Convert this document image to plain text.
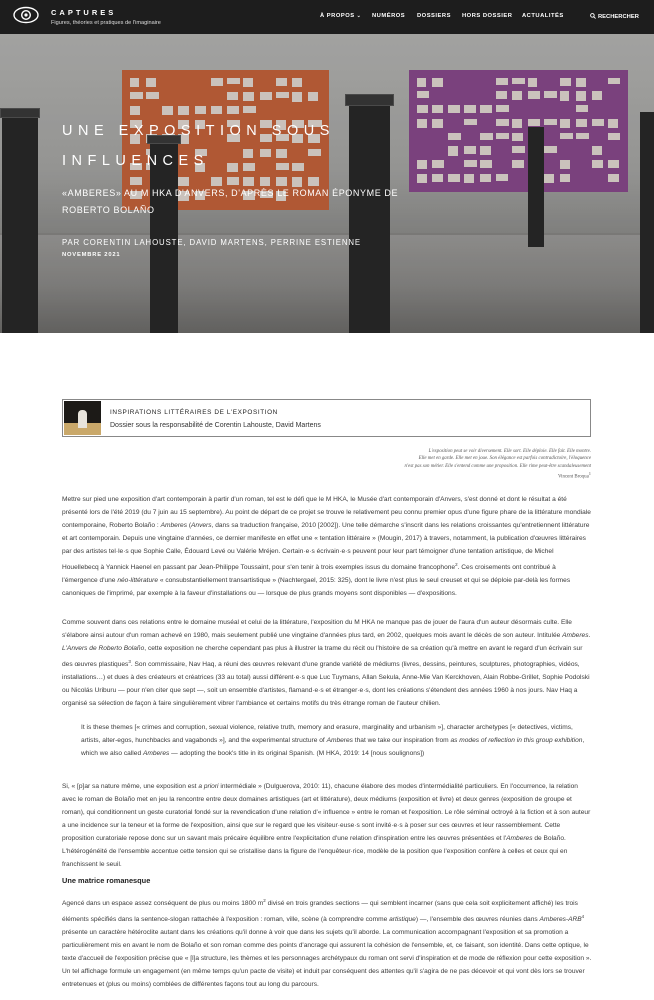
CAPTURES
Figures, théories et pratiques de l'imaginaire
À PROPOS ⌄ NUMÉROS DOSSIERS HORS DOSSIER ACTUALITÉS	RECHERCHER
UNE EXPOSITION SOUS
INFLUENCES
«AMBERES» AU M HKA D'ANVERS, D'APRÈS LE ROMAN ÉPONYME DE
ROBERTO BOLAÑO
PAR CORENTIN LAHOUSTE, DAVID MARTENS, PERRINE ESTIENNE
NOVEMBRE 2021
INSPIRATIONS LITTÉRAIRES DE L'EXPOSITION
Dossier sous la responsabilité de Corentin Lahouste, David Martens
L'exposition peut se voir diversement. Elle sort. Elle déploie. Elle fait. Elle montre.
Elle met en garde. Elle met en joue. Son élégance est parfois contradictoire, l'éloquence
n'est pas son métier. Elle s'entend comme une proposition. Elle rime peut-être scandaleusement
Vincent Broqua$^1$

Mettre sur pied une exposition d'art contemporain à partir d'un roman, tel est le défi que le M HKA, le Musée d'art contemporain d'Anvers, s'est donné et dont le résultat a été présenté lors de l'été 2019 (du 7 juin au 15 septembre). Au point de départ de ce projet se trouve le relativement peu connu premier opus d'une figure phare de la littérature mondiale contemporaine, Roberto Bolaño : Amberes (Anvers, dans sa traduction française, 2010 [2002]). Une telle démarche s'inscrit dans les relations croissantes qu'entretiennent littérature et art contemporain. Depuis une vingtaine d'années, ce dernier manifeste en effet une « tentation littéraire » (Mougin, 2017) à travers, notamment, la publication d'œuvres littéraires par des artistes tel·le·s que Sophie Calle, Édouard Levé ou Valérie Mréjen. Certain·e·s écrivain·e·s peuvent pour leur part témoigner d'une tentation artistique, de Michel Houellebecq à Yannick Haenel en passant par Jean-Philippe Toussaint, pour s'en tenir à trois exemples issus du domaine francophone$^2$. Ces croisements ont contribué à l'émergence d'une néo-littérature « consubstantiellement transartistique » (Nachtergael, 2015: 325), dont le livre n'est plus le seul creuset et qui se déploie par-delà les formes canoniques de l'imprimé, par exemple à la faveur d'installations ou — lorsque de plus grands moyens sont disponibles — d'expositions.

Comme souvent dans ces relations entre le domaine muséal et celui de la littérature, l'exposition du M HKA ne manque pas de jouer de l'aura d'un auteur désormais culte. Elle s'élabore ainsi autour d'un roman achevé en 1980, mais seulement publié une vingtaine d'années plus tard, en 2002, quelques mois avant le décès de son auteur. Intitulée Amberes. L'Anvers de Roberto Bolaño, cette exposition ne cherche cependant pas plus à illustrer la trame du récit ou l'histoire de sa création qu'à mettre en avant le regard d'un écrivain sur des œuvres plastiques$^3$. Son commissaire, Nav Haq, a réuni des œuvres relevant d'une grande variété de médiums (livres, dessins, peintures, sculptures, photographies, vidéos, installations…) et dues à des créateurs et créatrices (33 au total) aussi différent·e·s que Luc Tuymans, Allan Sekula, Anne-Mie Van Kerckhoven, Alain Robbe-Grillet, Sophie Podolski ou Nicolás Uriburu — pour n'en citer que sept —, soit un ensemble d'artistes, flamand·e·s et étranger·e·s, dont les créations s'étendent des années 1960 à nos jours. Nav Haq a organisé sa sélection de façon à faire singulièrement vibrer l'ambiance et certains motifs du très étrange roman de l'auteur chilien.

It is these themes [« crimes and corruption, sexual violence, relative truth, memory and erasure, marginality and urbanism »], character archetypes [« detectives, victims, artists, alter-egos, hunchbacks and vagabonds »], and the experimental structure of Amberes that we take our inspiration from as modes of reflection in this group exhibition, which we also called Amberes — adopting the book's title in its original Spanish. (M HKA, 2019: 14 [nous soulignons])

Si, « [p]ar sa nature même, une exposition est a priori intermédiale » (Dulguerova, 2010: 11), chacune élabore des modes d'intermédialité particuliers. En l'occurrence, la relation avec le roman de Bolaño met en jeu la rencontre entre deux domaines artistiques (art et littérature), deux médiums (exposition et livre) et deux genres (exposition de groupe et roman), qui conditionnent un geste curatorial fondé sur la revendication d'une relation d'« influence » entre le roman et l'exposition. Le rôle séminal octroyé à la fiction et à son auteur a une incidence sur la teneur et la forme de l'exposition, ainsi que sur le regard que les visiteur·euse·s sont invité·e·s à poser sur ces œuvres et leur rassemblement. Cette proposition curatoriale repose donc sur un savant mais précaire équilibre entre l'explicitation d'une relation d'inspiration entre les œuvres présentées et l'Amberes de Bolaño. L'hétérogénéité de l'ensemble accentue cette tension qui se cristallise dans la figure de l'enquêteur·rice, modèle de la position que l'exposition confère à celles et ceux qui en franchissent le seuil.

Une matrice romanesque

Agencé dans un espace assez conséquent de plus ou moins 1800 $m^2$ divisé en trois grandes sections — qui semblent incarner (sans que cela soit explicitement affiché) les trois éléments spécifiés dans la sentence-slogan rattachée à l'exposition : roman, ville, scène (à comprendre comme artistique) —, l'ensemble des œuvres réunies dans Amberes-ARB$^4$ présente un caractère hétéroclite autant dans les créations qu'il donne à voir que dans les sujets qu'il aborde. La communication accompagnant l'exposition et sa promotion a particulièrement mis en avant le nom de Bolaño et son roman comme des points d'ancrage qui assurent la cohésion de l'ensemble, et, ce faisant, son identité. Dans cette optique, le texte d'accueil de l'exposition précise que « [l]a structure, les thèmes et les personnages archétypaux du roman ont servi d'inspiration et de mode de réflexion pour cette exposition ». Un tel affichage formule un engagement (en même temps qu'un pacte de visite) et induit par conséquent des attentes qu'il s'agira de ne pas décevoir et qui vont dès lors se trouver entretenues et (plus ou moins) comblées de différentes façons tout au long du parcours.
